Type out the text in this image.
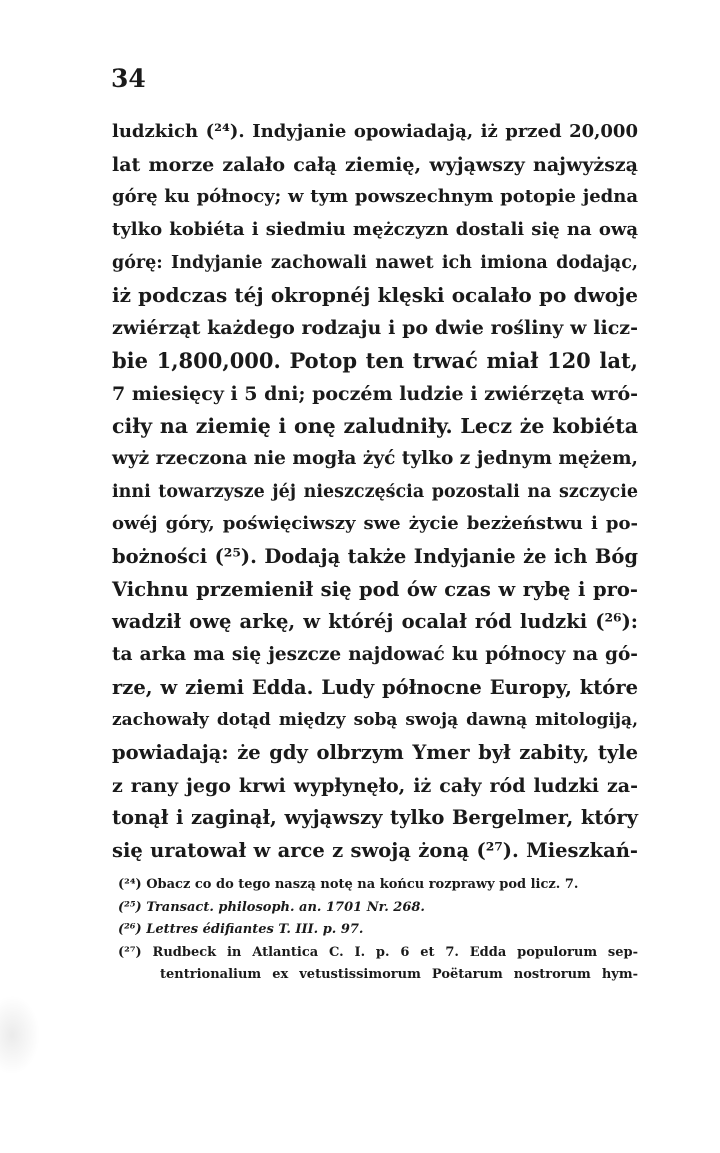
34
ludzkich (²⁴). Indyjanie opowiadają, iż przed 20,000
lat morze zalało całą ziemię, wyjąwszy najwyższą
górę ku północy; w tym powszechnym potopie jedna
tylko kobiéta i siedmiu mężczyzn dostali się na ową
górę: Indyjanie zachowali nawet ich imiona dodając,
iż podczas téj okropnéj klęski ocalało po dwoje
zwiérząt każdego rodzaju i po dwie rośliny w licz-
bie 1,800,000. Potop ten trwać miał 120 lat,
7 miesięcy i 5 dni; poczém ludzie i zwiérzęta wró-
ciły na ziemię i onę zaludniły. Lecz że kobiéta
wyż rzeczona nie mogła żyć tylko z jednym mężem,
inni towarzysze jéj nieszczęścia pozostali na szczycie
owéj góry, poświęciwszy swe życie bezżeństwu i po-
bożności (²⁵). Dodają także Indyjanie że ich Bóg
Vichnu przemienił się pod ów czas w rybę i pro-
wadził owę arkę, w któréj ocalał ród ludzki (²⁶):
ta arka ma się jeszcze najdować ku północy na gó-
rze, w ziemi Edda. Ludy północne Europy, które
zachowały dotąd między sobą swoją dawną mitologiją,
powiadają: że gdy olbrzym Ymer był zabity, tyle
z rany jego krwi wypłynęło, iż cały ród ludzki za-
tonął i zaginął, wyjąwszy tylko Bergelmer, który
się uratował w arce z swoją żoną (²⁷). Mieszkań-
(²⁴) Obacz co do tego naszą notę na końcu rozprawy pod licz. 7.
(²⁵) Transact. philosoph. an. 1701 Nr. 268.
(²⁶) Lettres édifiantes T. III. p. 97.
(²⁷) Rudbeck in Atlantica C. I. p. 6 et 7. Edda populorum sep-
tentrionalium ex vetustissimorum Poëtarum nostrorum hym-
